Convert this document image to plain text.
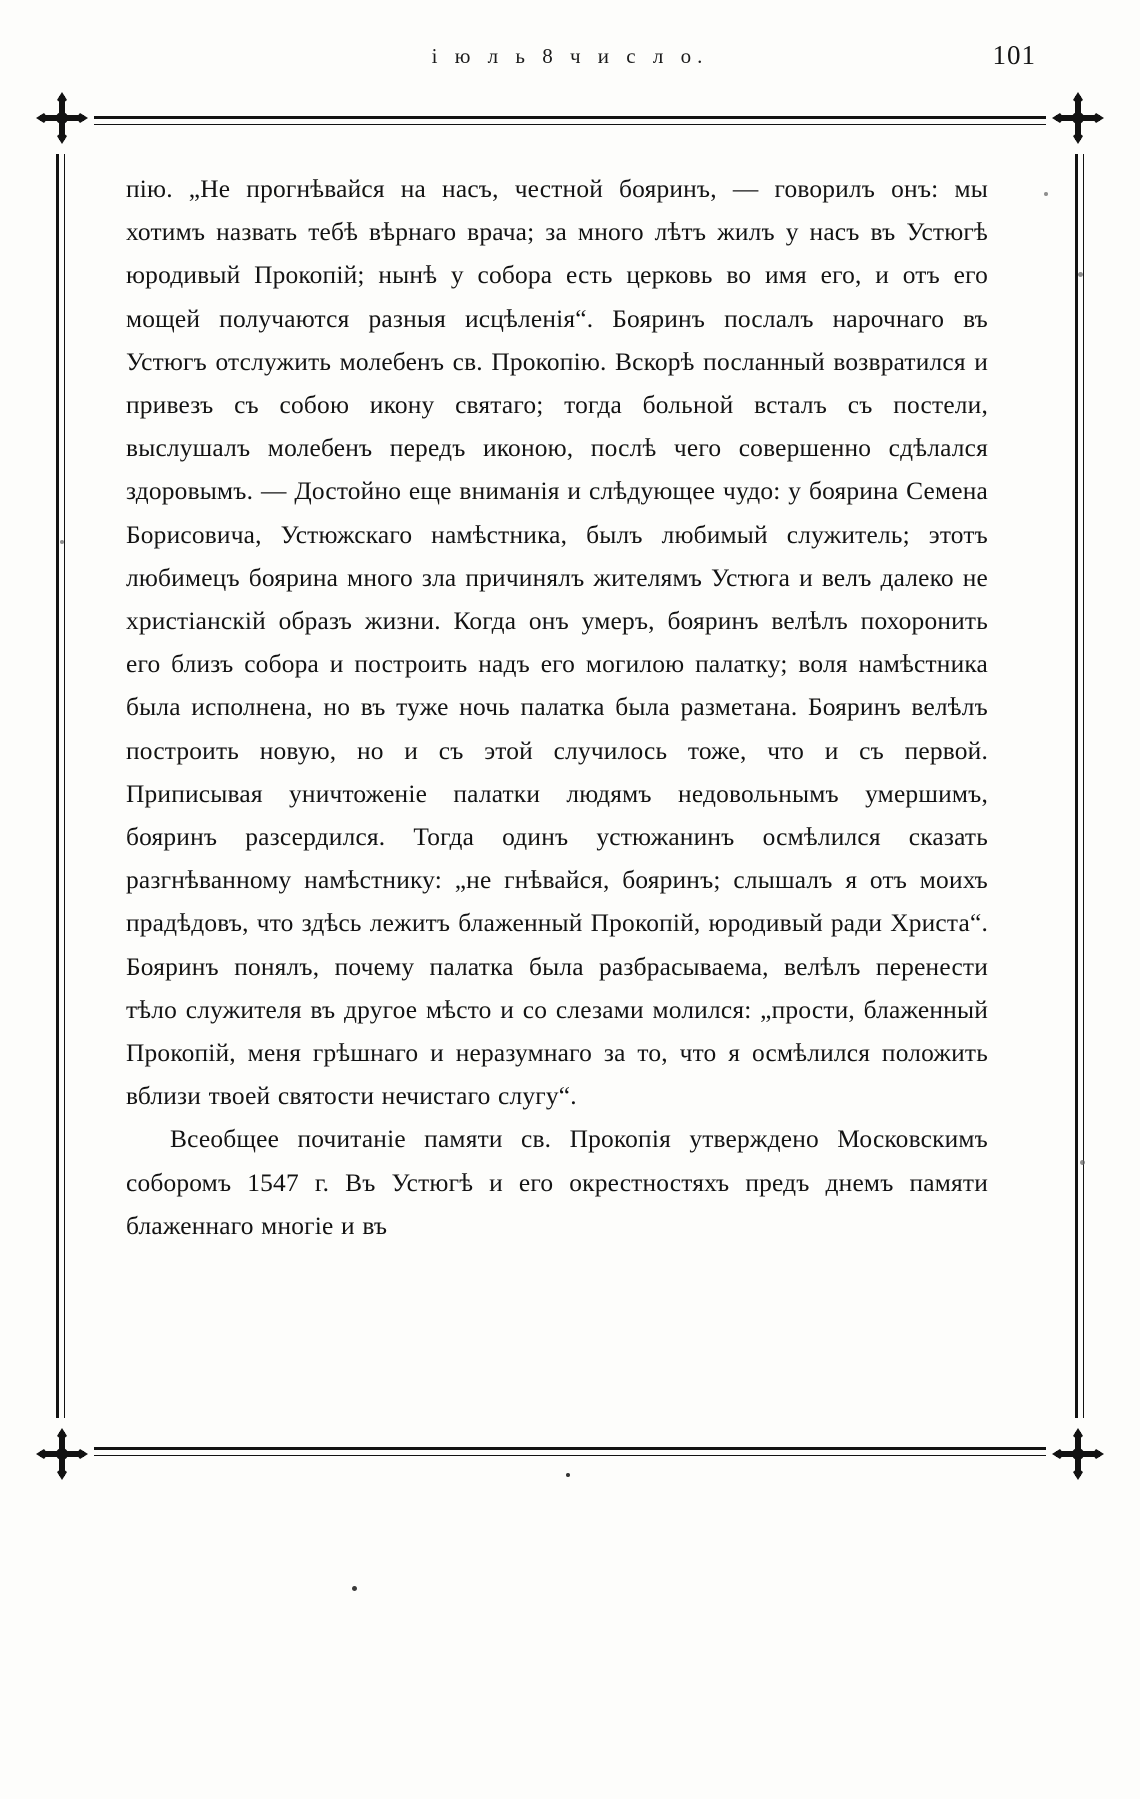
і ю л ь 8 ч и с л о.	101

пію. „Не прогнѣвайся на насъ, честной бояринъ, — говорилъ онъ: мы хотимъ назвать тебѣ вѣрнаго врача; за много лѣтъ жилъ у насъ въ Устюгѣ юродивый Прокопій; нынѣ у собора есть церковь во имя его, и отъ его мощей получаются разныя исцѣленія“. Бояринъ послалъ нарочнаго въ Устюгъ отслужить молебенъ св. Прокопію. Вскорѣ посланный возвратился и привезъ съ собою икону святаго; тогда больной всталъ съ постели, выслушалъ молебенъ передъ иконою, послѣ чего совершенно сдѣлался здоровымъ. — Достойно еще вниманія и слѣдующее чудо: у боярина Семена Борисовича, Устюжскаго намѣстника, былъ любимый служитель; этотъ любимецъ боярина много зла причинялъ жителямъ Устюга и велъ далеко не христіанскій образъ жизни. Когда онъ умеръ, бояринъ велѣлъ похоронить его близъ собора и построить надъ его могилою палатку; воля намѣстника была исполнена, но въ туже ночь палатка была разметана. Бояринъ велѣлъ построить новую, но и съ этой случилось тоже, что и съ первой. Приписывая уничтоженіе палатки людямъ недовольнымъ умершимъ, бояринъ разсердился. Тогда одинъ устюжанинъ осмѣлился сказать разгнѣванному намѣстнику: „не гнѣвайся, бояринъ; слышалъ я отъ моихъ прадѣдовъ, что здѣсь лежитъ блаженный Прокопій, юродивый ради Христа“. Бояринъ понялъ, почему палатка была разбрасываема, велѣлъ перенести тѣло служителя въ другое мѣсто и со слезами молился: „прости, блаженный Прокопій, меня грѣшнаго и неразумнаго за то, что я осмѣлился положить вблизи твоей святости нечистаго слугу“.

Всеобщее почитаніе памяти св. Прокопія утверждено Московскимъ соборомъ 1547 г. Въ Устюгѣ и его окрестностяхъ предъ днемъ памяти блаженнаго многіе и въ
